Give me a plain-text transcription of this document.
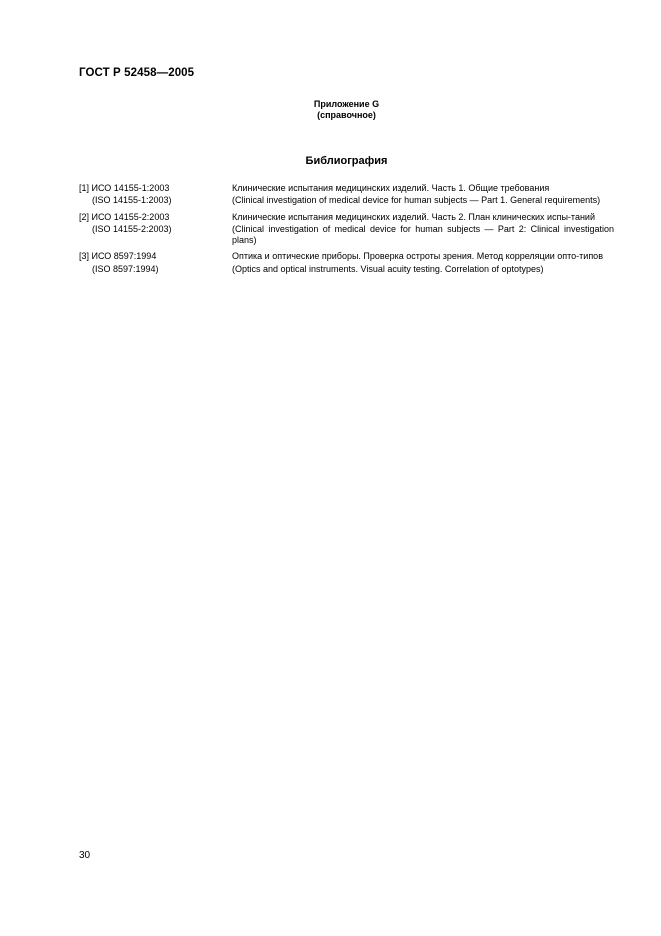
ГОСТ Р 52458—2005
Приложение G
(справочное)
Библиография
[1] ИСО 14155-1:2003	Клинические испытания медицинских изделий. Часть 1. Общие требования
(ISO 14155-1:2003)	(Clinical investigation of medical device for human subjects — Part 1. General requirements)
[2] ИСО 14155-2:2003	Клинические испытания медицинских изделий. Часть 2. План клинических испы-таний
(ISO 14155-2:2003)	(Clinical investigation of medical device for human subjects — Part 2: Clinical investigation plans)
[3] ИСО 8597:1994	Оптика и оптические приборы. Проверка остроты зрения. Метод корреляции опто-типов
(ISO 8597:1994)	(Optics and optical instruments. Visual acuity testing. Correlation of optotypes)
30
